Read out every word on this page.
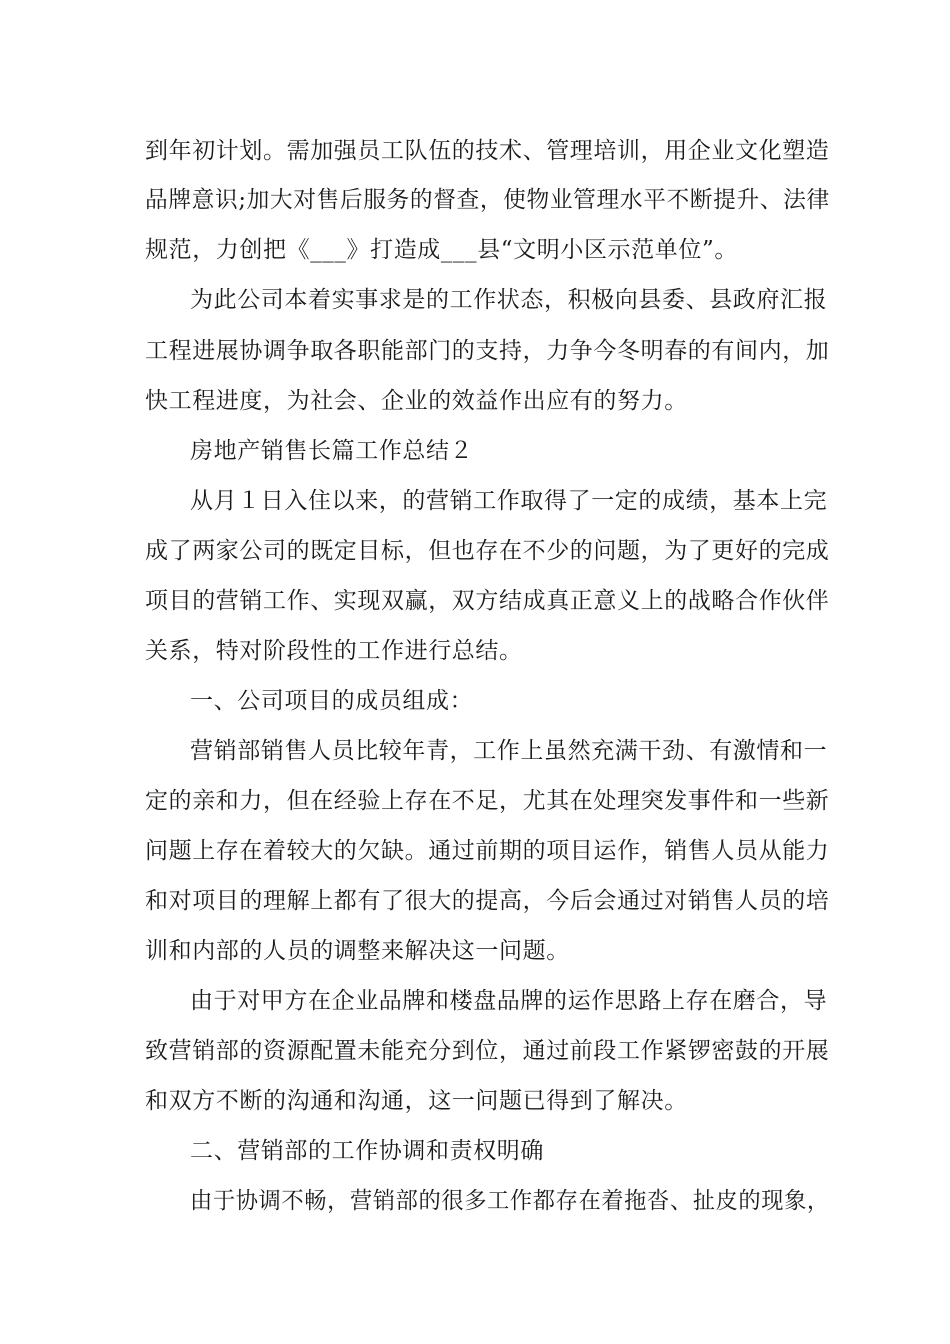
到年初计划。需加强员工队伍的技术、管理培训，用企业文化塑造
品牌意识;加大对售后服务的督查，使物业管理水平不断提升、法律
规范，力创把《___》打造成___县“文明小区示范单位”。
为此公司本着实事求是的工作状态，积极向县委、县政府汇报
工程进展协调争取各职能部门的支持，力争今冬明春的有间内，加
快工程进度，为社会、企业的效益作出应有的努力。
房地产销售长篇工作总结２
从月１日入住以来，的营销工作取得了一定的成绩，基本上完
成了两家公司的既定目标，但也存在不少的问题，为了更好的完成
项目的营销工作、实现双赢，双方结成真正意义上的战略合作伙伴
关系，特对阶段性的工作进行总结。
一、公司项目的成员组成：
营销部销售人员比较年青，工作上虽然充满干劲、有激情和一
定的亲和力，但在经验上存在不足，尤其在处理突发事件和一些新
问题上存在着较大的欠缺。通过前期的项目运作，销售人员从能力
和对项目的理解上都有了很大的提高，今后会通过对销售人员的培
训和内部的人员的调整来解决这一问题。
由于对甲方在企业品牌和楼盘品牌的运作思路上存在磨合，导
致营销部的资源配置未能充分到位，通过前段工作紧锣密鼓的开展
和双方不断的沟通和沟通，这一问题已得到了解决。
二、营销部的工作协调和责权明确
由于协调不畅，营销部的很多工作都存在着拖沓、扯皮的现象，
